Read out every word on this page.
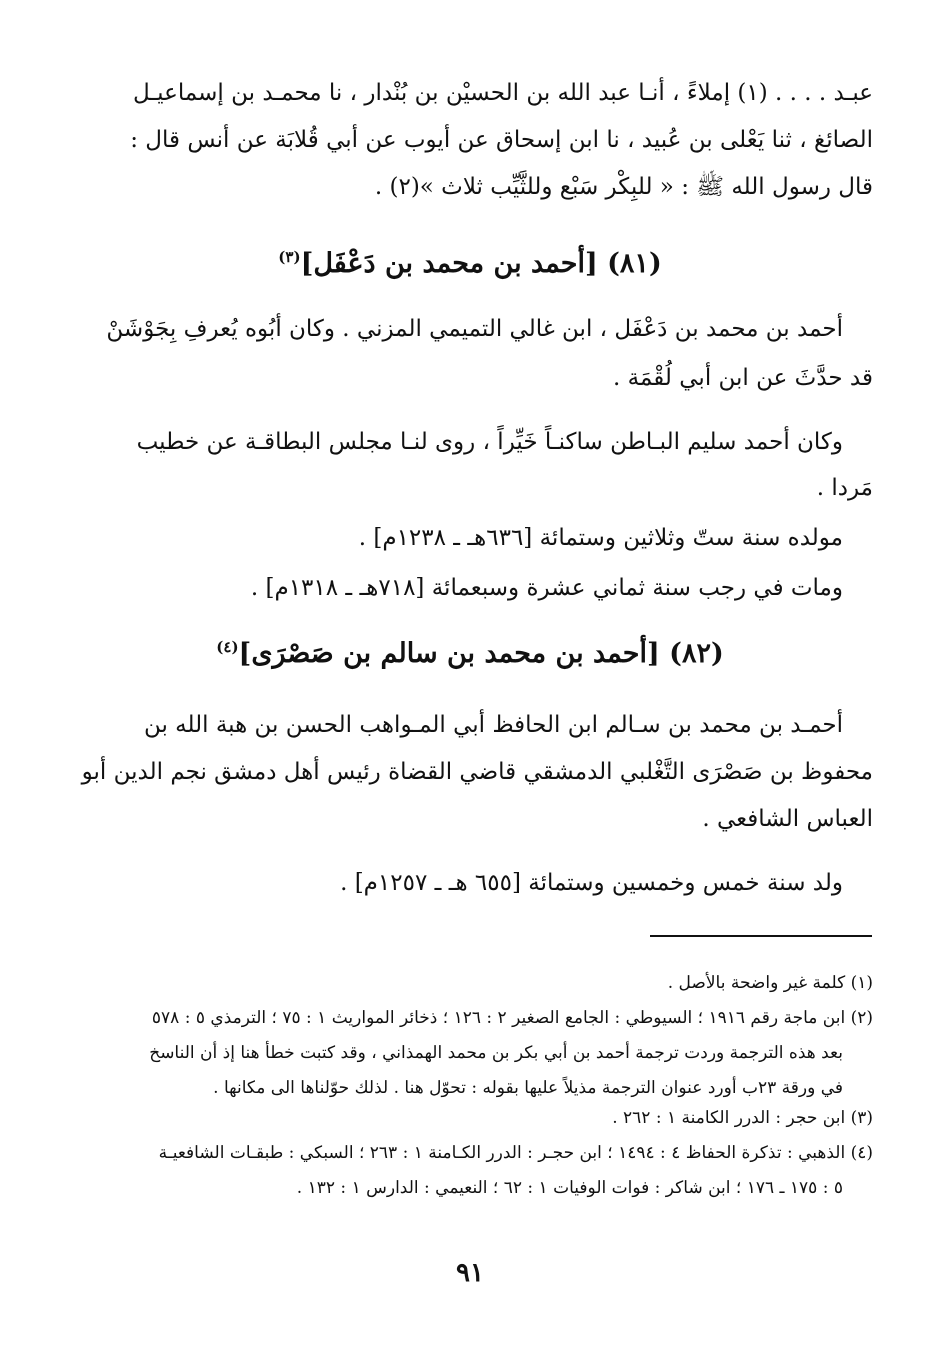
عبـد . . . . (١) إملاءً ، أنـا عبد الله بن الحسيْن بن بُنْدار ، نا محمـد بن إسماعيـل
الصائغ ، ثنا يَعْلى بن عُبيد ، نا ابن إسحاق عن أيوب عن أبي قُلابَة عن أنس قال :
قال رسول الله ﷺ : « للبِكْر سَبْع وللثَّيِّب ثلاث »(٢) .
(٨١) [أحمد بن محمد بن دَعْفَل]$^{(٣)}$
أحمد بن محمد بن دَعْفَل ، ابن غالي التميمي المزني . وكان أبُوه يُعرفِ بِجَوْشَنْ
قد حدَّثَ عن ابن أبي لُقْمَة .
وكان أحمد سليم البـاطن ساكنـاً خَيِّراً ، روى لنـا مجلس البطاقـة عن خطيب
مَردا .
مولده سنة ستّ وثلاثين وستمائة [٦٣٦هـ ـ ١٢٣٨م] .
ومات في رجب سنة ثماني عشرة وسبعمائة [٧١٨هـ ـ ١٣١٨م] .
(٨٢) [أحمد بن محمد بن سالم بن صَصْرَى]$^{(٤)}$
أحمـد بن محمد بن سـالم ابن الحافظ أبي المـواهب الحسن بن هبة الله بن
محفوظ بن صَصْرَى التَّغْلبي الدمشقي قاضي القضاة رئيس أهل دمشق نجم الدين أبو
العباس الشافعي .
ولد سنة خمس وخمسين وستمائة [٦٥٥ هـ ـ ١٢٥٧م] .
(١) كلمة غير واضحة بالأصل .
(٢) ابن ماجة رقم ١٩١٦ ؛ السيوطي : الجامع الصغير ٢ : ١٢٦ ؛ ذخائر المواريث ١ : ٧٥ ؛ الترمذي ٥ : ٥٧٨
بعد هذه الترجمة وردت ترجمة أحمد بن أبي بكر بن محمد الهمذاني ، وقد كتبت خطأ هنا إذ أن الناسخ
في ورقة ٢٣ب أورد عنوان الترجمة مذيلاً عليها بقوله : تحوّل هنا . لذلك حوّلناها الى مكانها .
(٣) ابن حجر : الدرر الكامنة ١ : ٢٦٢ .
(٤) الذهبي : تذكرة الحفاظ ٤ : ١٤٩٤ ؛ ابن حجـر : الدرر الكـامنة ١ : ٢٦٣ ؛ السبكي : طبقـات الشافعيـة
٥ : ١٧٥ ـ ١٧٦ ؛ ابن شاكر : فوات الوفيات ١ : ٦٢ ؛ النعيمي : الدارس ١ : ١٣٢ .
٩١
